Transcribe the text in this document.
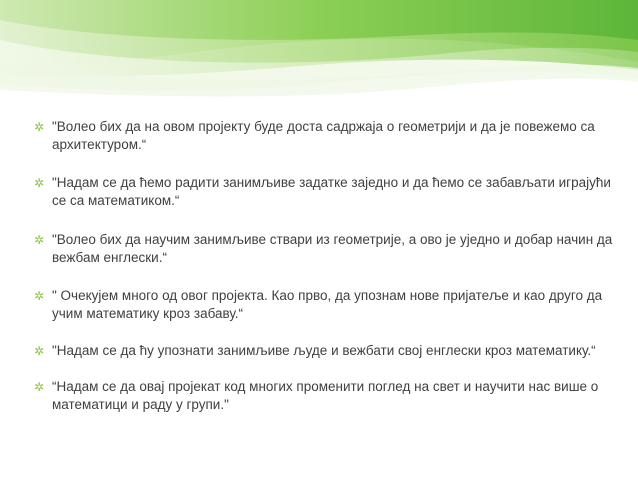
✲ "Волео бих да на овом пројекту буде доста садржаја о геометрији и да је повежемо са архитектуром.“
✲ "Надам се да ћемо радити занимљиве задатке заједно и да ћемо се забављати играјући се са математиком.“
✲ "Волео бих да научим занимљиве ствари из геометрије, а ово је уједно и добар начин да вежбам енглески.“
✲ " Очекујем много од овог пројекта. Као прво, да упознам нове пријатеље и као друго да учим математику кроз забаву.“
✲ "Надам се да ћу упознати занимљиве људе и вежбати свој енглески кроз математику.“
✲ “Надам се да овај пројекат код многих променити поглед на свет и научити нас више о математици и раду у групи."
